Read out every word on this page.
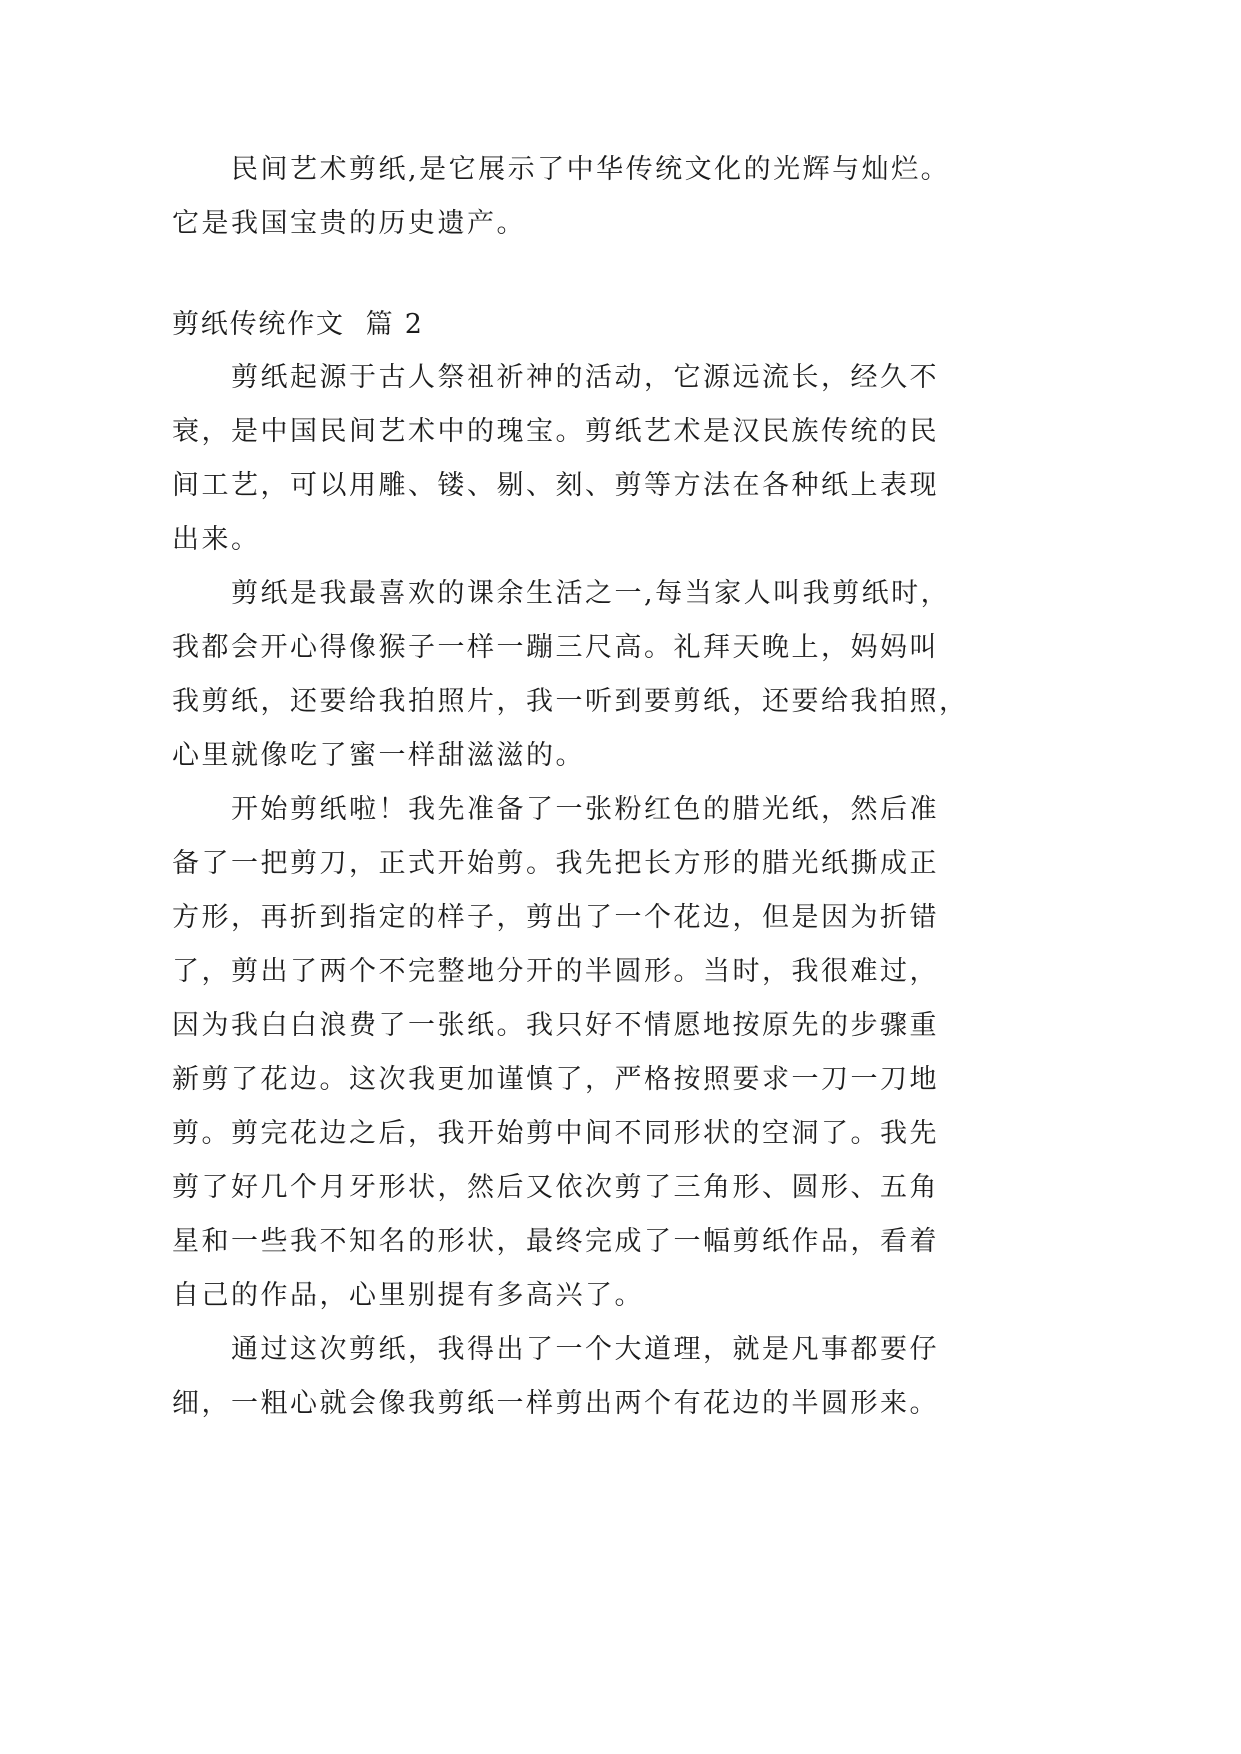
民间艺术剪纸,是它展示了中华传统文化的光辉与灿烂。
它是我国宝贵的历史遗产。
剪纸传统作文  篇 2
剪纸起源于古人祭祖祈神的活动，它源远流长，经久不
衰，是中国民间艺术中的瑰宝。剪纸艺术是汉民族传统的民
间工艺，可以用雕、镂、剔、刻、剪等方法在各种纸上表现
出来。
剪纸是我最喜欢的课余生活之一,每当家人叫我剪纸时，
我都会开心得像猴子一样一蹦三尺高。礼拜天晚上，妈妈叫
我剪纸，还要给我拍照片，我一听到要剪纸，还要给我拍照，
心里就像吃了蜜一样甜滋滋的。
开始剪纸啦！我先准备了一张粉红色的腊光纸，然后准
备了一把剪刀，正式开始剪。我先把长方形的腊光纸撕成正
方形，再折到指定的样子，剪出了一个花边，但是因为折错
了，剪出了两个不完整地分开的半圆形。当时，我很难过，
因为我白白浪费了一张纸。我只好不情愿地按原先的步骤重
新剪了花边。这次我更加谨慎了，严格按照要求一刀一刀地
剪。剪完花边之后，我开始剪中间不同形状的空洞了。我先
剪了好几个月牙形状，然后又依次剪了三角形、圆形、五角
星和一些我不知名的形状，最终完成了一幅剪纸作品，看着
自己的作品，心里别提有多高兴了。
通过这次剪纸，我得出了一个大道理，就是凡事都要仔
细，一粗心就会像我剪纸一样剪出两个有花边的半圆形来。
